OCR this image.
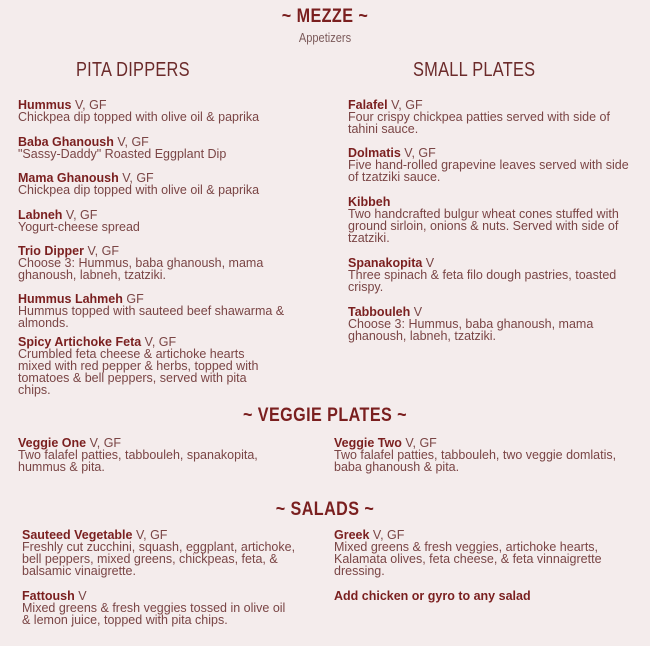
~ MEZZE ~
Appetizers
PITA DIPPERS	SMALL PLATES
Hummus V, GF
Chickpea dip topped with olive oil & paprika
Baba Ghanoush V, GF
"Sassy-Daddy" Roasted Eggplant Dip
Mama Ghanoush V, GF
Chickpea dip topped with olive oil & paprika
Labneh V, GF
Yogurt-cheese spread
Trio Dipper V, GF
Choose 3: Hummus, baba ghanoush, mama ghanoush, labneh, tzatziki.
Hummus Lahmeh GF
Hummus topped with sauteed beef shawarma & almonds.
Spicy Artichoke Feta V, GF
Crumbled feta cheese & artichoke hearts mixed with red pepper & herbs, topped with tomatoes & bell peppers, served with pita chips.
Falafel V, GF
Four crispy chickpea patties served with side of tahini sauce.
Dolmatis V, GF
Five hand-rolled grapevine leaves served with side of tzatziki sauce.
Kibbeh
Two handcrafted bulgur wheat cones stuffed with ground sirloin, onions & nuts. Served with side of tzatziki.
Spanakopita V
Three spinach & feta filo dough pastries, toasted crispy.
Tabbouleh V
Choose 3: Hummus, baba ghanoush, mama ghanoush, labneh, tzatziki.
~ VEGGIE PLATES ~
Veggie One V, GF
Two falafel patties, tabbouleh, spanakopita, hummus & pita.
Veggie Two V, GF
Two falafel patties, tabbouleh, two veggie domlatis, baba ghanoush & pita.
~ SALADS ~
Sauteed Vegetable V, GF
Freshly cut zucchini, squash, eggplant, artichoke, bell peppers, mixed greens, chickpeas, feta, & balsamic vinaigrette.
Greek V, GF
Mixed greens & fresh veggies, artichoke hearts, Kalamata olives, feta cheese, & feta vinnaigrette dressing.
Fattoush V
Mixed greens & fresh veggies tossed in olive oil & lemon juice, topped with pita chips.
Add chicken or gyro to any salad
